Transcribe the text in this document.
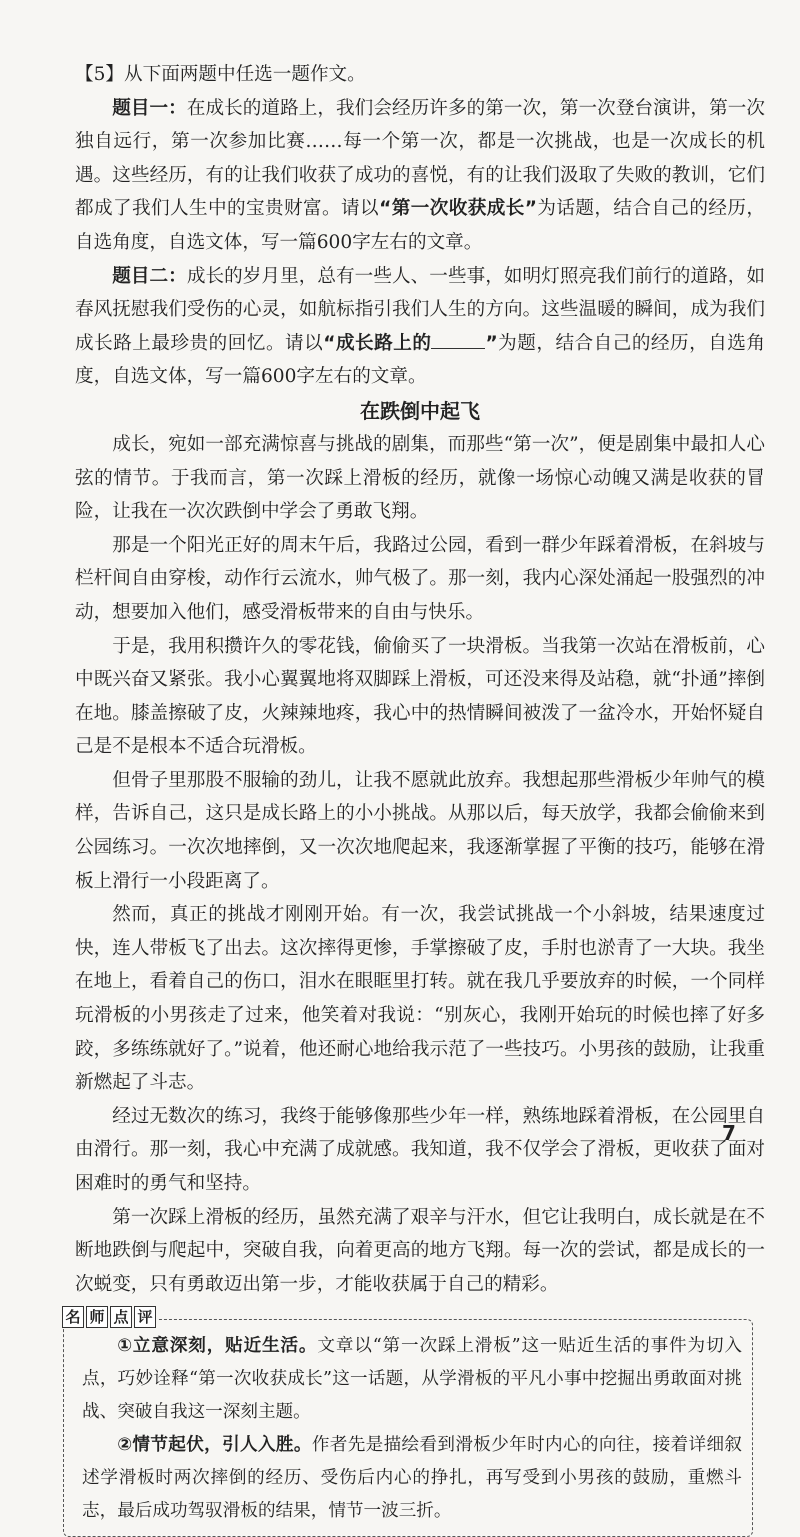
【5】从下面两题中任选一题作文。

题目一：在成长的道路上，我们会经历许多的第一次，第一次登台演讲，第一次独自远行，第一次参加比赛……每一个第一次，都是一次挑战，也是一次成长的机遇。这些经历，有的让我们收获了成功的喜悦，有的让我们汲取了失败的教训，它们都成了我们人生中的宝贵财富。请以“第一次收获成长”为话题，结合自己的经历，自选角度，自选文体，写一篇600字左右的文章。

题目二：成长的岁月里，总有一些人、一些事，如明灯照亮我们前行的道路，如春风抚慰我们受伤的心灵，如航标指引我们人生的方向。这些温暖的瞬间，成为我们成长路上最珍贵的回忆。请以“成长路上的	”为题，结合自己的经历，自选角度，自选文体，写一篇600字左右的文章。

在跌倒中起飞

成长，宛如一部充满惊喜与挑战的剧集，而那些“第一次”，便是剧集中最扣人心弦的情节。于我而言，第一次踩上滑板的经历，就像一场惊心动魄又满是收获的冒险，让我在一次次跌倒中学会了勇敢飞翔。

那是一个阳光正好的周末午后，我路过公园，看到一群少年踩着滑板，在斜坡与栏杆间自由穿梭，动作行云流水，帅气极了。那一刻，我内心深处涌起一股强烈的冲动，想要加入他们，感受滑板带来的自由与快乐。

于是，我用积攒许久的零花钱，偷偷买了一块滑板。当我第一次站在滑板前，心中既兴奋又紧张。我小心翼翼地将双脚踩上滑板，可还没来得及站稳，就“扑通”摔倒在地。膝盖擦破了皮，火辣辣地疼，我心中的热情瞬间被泼了一盆冷水，开始怀疑自己是不是根本不适合玩滑板。

但骨子里那股不服输的劲儿，让我不愿就此放弃。我想起那些滑板少年帅气的模样，告诉自己，这只是成长路上的小小挑战。从那以后，每天放学，我都会偷偷来到公园练习。一次次地摔倒，又一次次地爬起来，我逐渐掌握了平衡的技巧，能够在滑板上滑行一小段距离了。

然而，真正的挑战才刚刚开始。有一次，我尝试挑战一个小斜坡，结果速度过快，连人带板飞了出去。这次摔得更惨，手掌擦破了皮，手肘也淤青了一大块。我坐在地上，看着自己的伤口，泪水在眼眶里打转。就在我几乎要放弃的时候，一个同样玩滑板的小男孩走了过来，他笑着对我说：“别灰心，我刚开始玩的时候也摔了好多跤，多练练就好了。”说着，他还耐心地给我示范了一些技巧。小男孩的鼓励，让我重新燃起了斗志。

经过无数次的练习，我终于能够像那些少年一样，熟练地踩着滑板，在公园里自由滑行。那一刻，我心中充满了成就感。我知道，我不仅学会了滑板，更收获了面对困难时的勇气和坚持。

第一次踩上滑板的经历，虽然充满了艰辛与汗水，但它让我明白，成长就是在不断地跌倒与爬起中，突破自我，向着更高的地方飞翔。每一次的尝试，都是成长的一次蜕变，只有勇敢迈出第一步，才能收获属于自己的精彩。

名 师 点 评

①立意深刻，贴近生活。文章以“第一次踩上滑板”这一贴近生活的事件为切入点，巧妙诠释“第一次收获成长”这一话题，从学滑板的平凡小事中挖掘出勇敢面对挑战、突破自我这一深刻主题。

②情节起伏，引人入胜。作者先是描绘看到滑板少年时内心的向往，接着详细叙述学滑板时两次摔倒的经历、受伤后内心的挣扎，再写受到小男孩的鼓励，重燃斗志，最后成功驾驭滑板的结果，情节一波三折。

7
